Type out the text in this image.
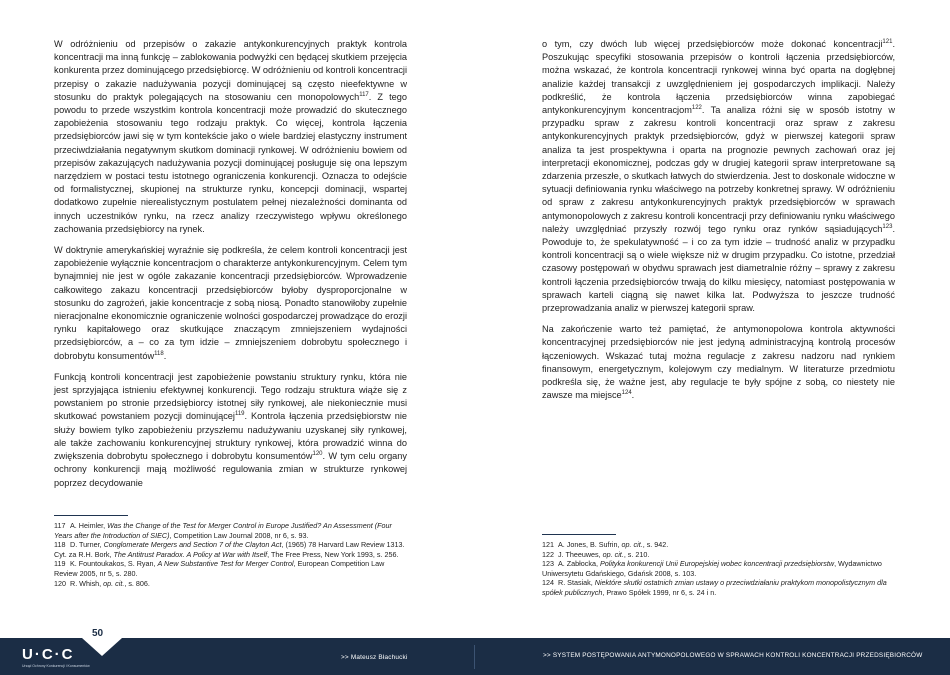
51

W odróżnieniu od przepisów o zakazie antykonkurencyjnych praktyk kontrola koncentracji ma inną funkcję – zablokowania podwyżki cen będącej skutkiem przejęcia konkurenta przez dominującego przedsiębiorcę. W odróżnieniu od kontroli koncentracji przepisy o zakazie nadużywania pozycji dominującej są często nieefektywne w stosunku do praktyk polegających na stosowaniu cen monopolowych$^{117}$. Z tego powodu to przede wszystkim kontrola koncentracji może prowadzić do skutecznego zapobieżenia stosowaniu tego rodzaju praktyk. Co więcej, kontrola łączenia przedsiębiorców jawi się w tym kontekście jako o wiele bardziej elastyczny instrument przeciwdziałania negatywnym skutkom dominacji rynkowej. W odróżnieniu bowiem od przepisów zakazujących nadużywania pozycji dominującej posługuje się ona lepszym narzędziem w postaci testu istotnego ograniczenia konkurencji. Oznacza to odejście od formalistycznej, skupionej na strukturze rynku, koncepcji dominacji, wspartej dodatkowo zupełnie nierealistycznym postulatem pełnej niezależności dominanta od innych uczestników rynku, na rzecz analizy rzeczywistego wpływu określonego zachowania przedsiębiorcy na rynek.

W doktrynie amerykańskiej wyraźnie się podkreśla, że celem kontroli koncentracji jest zapobieżenie wyłącznie koncentracjom o charakterze antykonkurencyjnym. Celem tym bynajmniej nie jest w ogóle zakazanie koncentracji przedsiębiorców. Wprowadzenie całkowitego zakazu koncentracji przedsiębiorców byłoby dysproporcjonalne w stosunku do zagrożeń, jakie koncentracje z sobą niosą. Ponadto stanowiłoby zupełnie nieracjonalne ekonomicznie ograniczenie wolności gospodarczej prowadzące do erozji rynku kapitałowego oraz skutkujące znaczącym zmniejszeniem wydajności przedsiębiorców, a – co za tym idzie – zmniejszeniem dobrobytu społecznego i dobrobytu konsumentów$^{118}$.

Funkcją kontroli koncentracji jest zapobieżenie powstaniu struktury rynku, która nie jest sprzyjająca istnieniu efektywnej konkurencji. Tego rodzaju struktura wiąże się z powstaniem po stronie przedsiębiorcy istotnej siły rynkowej, ale niekoniecznie musi skutkować powstaniem pozycji dominującej$^{119}$. Kontrola łączenia przedsiębiorstw nie służy bowiem tylko zapobieżeniu przyszłemu nadużywaniu uzyskanej siły rynkowej, ale także zachowaniu konkurencyjnej struktury rynkowej, która prowadzić winna do zwiększenia dobrobytu społecznego i dobrobytu konsumentów$^{120}$. W tym celu organy ochrony konkurencji mają możliwość regulowania zmian w strukturze rynkowej poprzez decydowanie

117 A. Heimler, Was the Change of the Test for Merger Control in Europe Justified? An Assessment (Four Years after the Introduction of SIEC), Competition Law Journal 2008, nr 6, s. 93.
118 D. Turner, Conglomerate Mergers and Section 7 of the Clayton Act, (1965) 78 Harvard Law Review 1313. Cyt. za R.H. Bork, The Antitrust Paradox. A Policy at War with Itself, The Free Press, New York 1993, s. 256.
119 K. Fountoukakos, S. Ryan, A New Substantive Test for Merger Control, European Competition Law Review 2005, nr 5, s. 280.
120 R. Whish, op. cit., s. 806.

o tym, czy dwóch lub więcej przedsiębiorców może dokonać koncentracji$^{121}$. Poszukując specyfiki stosowania przepisów o kontroli łączenia przedsiębiorców, można wskazać, że kontrola koncentracji rynkowej winna być oparta na dogłębnej analizie każdej transakcji z uwzględnieniem jej gospodarczych implikacji. Należy podkreślić, że kontrola łączenia przedsiębiorców winna zapobiegać antykonkurencyjnym koncentracjom$^{122}$. Ta analiza różni się w sposób istotny w przypadku spraw z zakresu kontroli koncentracji oraz spraw z zakresu antykonkurencyjnych praktyk przedsiębiorców, gdyż w pierwszej kategorii spraw analiza ta jest prospektywna i oparta na prognozie pewnych zachowań oraz jej interpretacji ekonomicznej, podczas gdy w drugiej kategorii spraw interpretowane są zdarzenia przeszłe, o skutkach łatwych do stwierdzenia. Jest to doskonale widoczne w sytuacji definiowania rynku właściwego na potrzeby konkretnej sprawy. W odróżnieniu od spraw z zakresu antykonkurencyjnych praktyk przedsiębiorców w sprawach antymonopolowych z zakresu kontroli koncentracji przy definiowaniu rynku właściwego należy uwzględniać przyszły rozwój tego rynku oraz rynków sąsiadujących$^{123}$. Powoduje to, że spekulatywność – i co za tym idzie – trudność analiz w przypadku kontroli koncentracji są o wiele większe niż w drugim przypadku. Co istotne, przedział czasowy postępowań w obydwu sprawach jest diametralnie różny – sprawy z zakresu kontroli łączenia przedsiębiorców trwają do kilku miesięcy, natomiast postępowania w sprawach karteli ciągną się nawet kilka lat. Podwyższa to jeszcze trudność przeprowadzania analiz w pierwszej kategorii spraw.

Na zakończenie warto też pamiętać, że antymonopolowa kontrola aktywności koncentracyjnej przedsiębiorców nie jest jedyną administracyjną kontrolą procesów łączeniowych. Wskazać tutaj można regulacje z zakresu nadzoru nad rynkiem finansowym, energetycznym, kolejowym czy medialnym. W literaturze przedmiotu podkreśla się, że ważne jest, aby regulacje te były spójne z sobą, co niestety nie zawsze ma miejsce$^{124}$.

121 A. Jones, B. Sufrin, op. cit., s. 942.
122 J. Theeuwes, op. cit., s. 210.
123 A. Zabłocka, Polityka konkurencji Unii Europejskiej wobec koncentracji przedsiębiorstw, Wydawnictwo Uniwersytetu Gdańskiego, Gdańsk 2008, s. 103.
124 R. Stasiak, Niektóre skutki ostatnich zmian ustawy o przeciwdziałaniu praktykom monopolistycznym dla spółek publicznych, Prawo Spółek 1999, nr 6, s. 24 i n.
50
U·C·C
Urząd Ochrony Konkurencji i Konsumentów
>> Mateusz Błachucki	>> SYSTEM POSTĘPOWANIA ANTYMONOPOLOWEGO W SPRAWACH KONTROLI KONCENTRACJI PRZEDSIĘBIORCÓW
